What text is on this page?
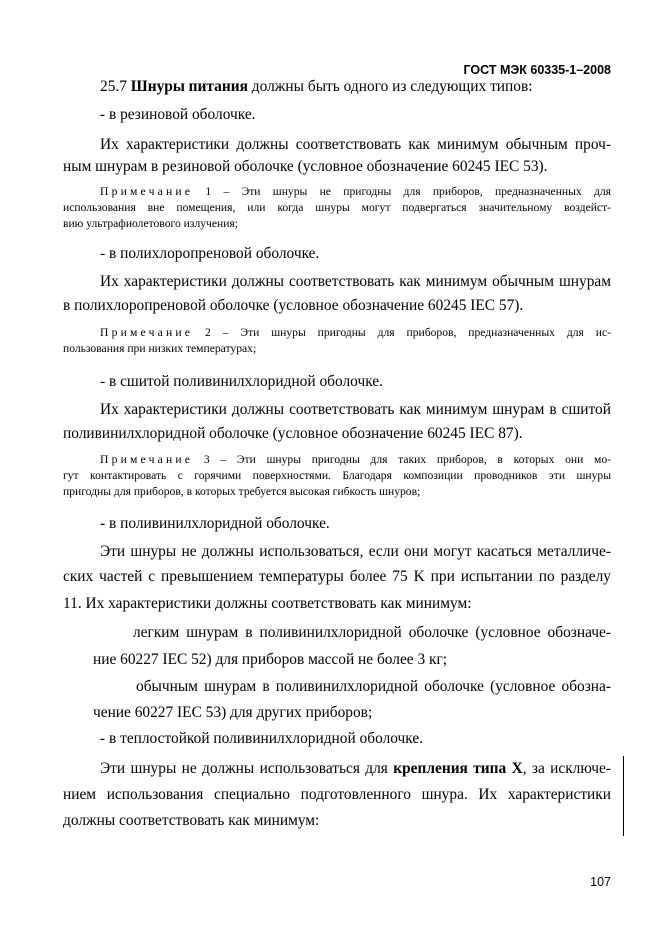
ГОСТ МЭК 60335-1–2008

25.7 Шнуры питания должны быть одного из следующих типов:

- в резиновой оболочке.

Их характеристики должны соответствовать как минимум обычным проч-

ным шнурам в резиновой оболочке (условное обозначение 60245 IEC 53).

Примечание 1 – Эти шнуры не пригодны для приборов, предназначенных для

использования вне помещения, или когда шнуры могут подвергаться значительному воздейст-

вию ультрафиолетового излучения;

- в полихлоропреновой оболочке.

Их характеристики должны соответствовать как минимум обычным шнурам

в полихлоропреновой оболочке (условное обозначение 60245 IEC 57).

Примечание 2 – Эти шнуры пригодны для приборов, предназначенных для ис-

пользования при низких температурах;

- в сшитой поливинилхлоридной оболочке.

Их характеристики должны соответствовать как минимум шнурам в сшитой

поливинилхлоридной оболочке (условное обозначение 60245 IEC 87).

Примечание 3 – Эти шнуры пригодны для таких приборов, в которых они мо-

гут контактировать с горячими поверхностями. Благодаря композиции проводников эти шнуры

пригодны для приборов, в которых требуется высокая гибкость шнуров;

- в поливинилхлоридной оболочке.

Эти шнуры не должны использоваться, если они могут касаться металличе-

ских частей с превышением температуры более 75 K при испытании по разделу

11. Их характеристики должны соответствовать как минимум:

легким шнурам в поливинилхлоридной оболочке (условное обозначе-

ние 60227 IEC 52) для приборов массой не более 3 кг;

обычным шнурам в поливинилхлоридной оболочке (условное обозна-

чение 60227 IEC 53) для других приборов;

- в теплостойкой поливинилхлоридной оболочке.

Эти шнуры не должны использоваться для крепления типа X, за исключе-

нием использования специально подготовленного шнура. Их характеристики

должны соответствовать как минимум:

107
